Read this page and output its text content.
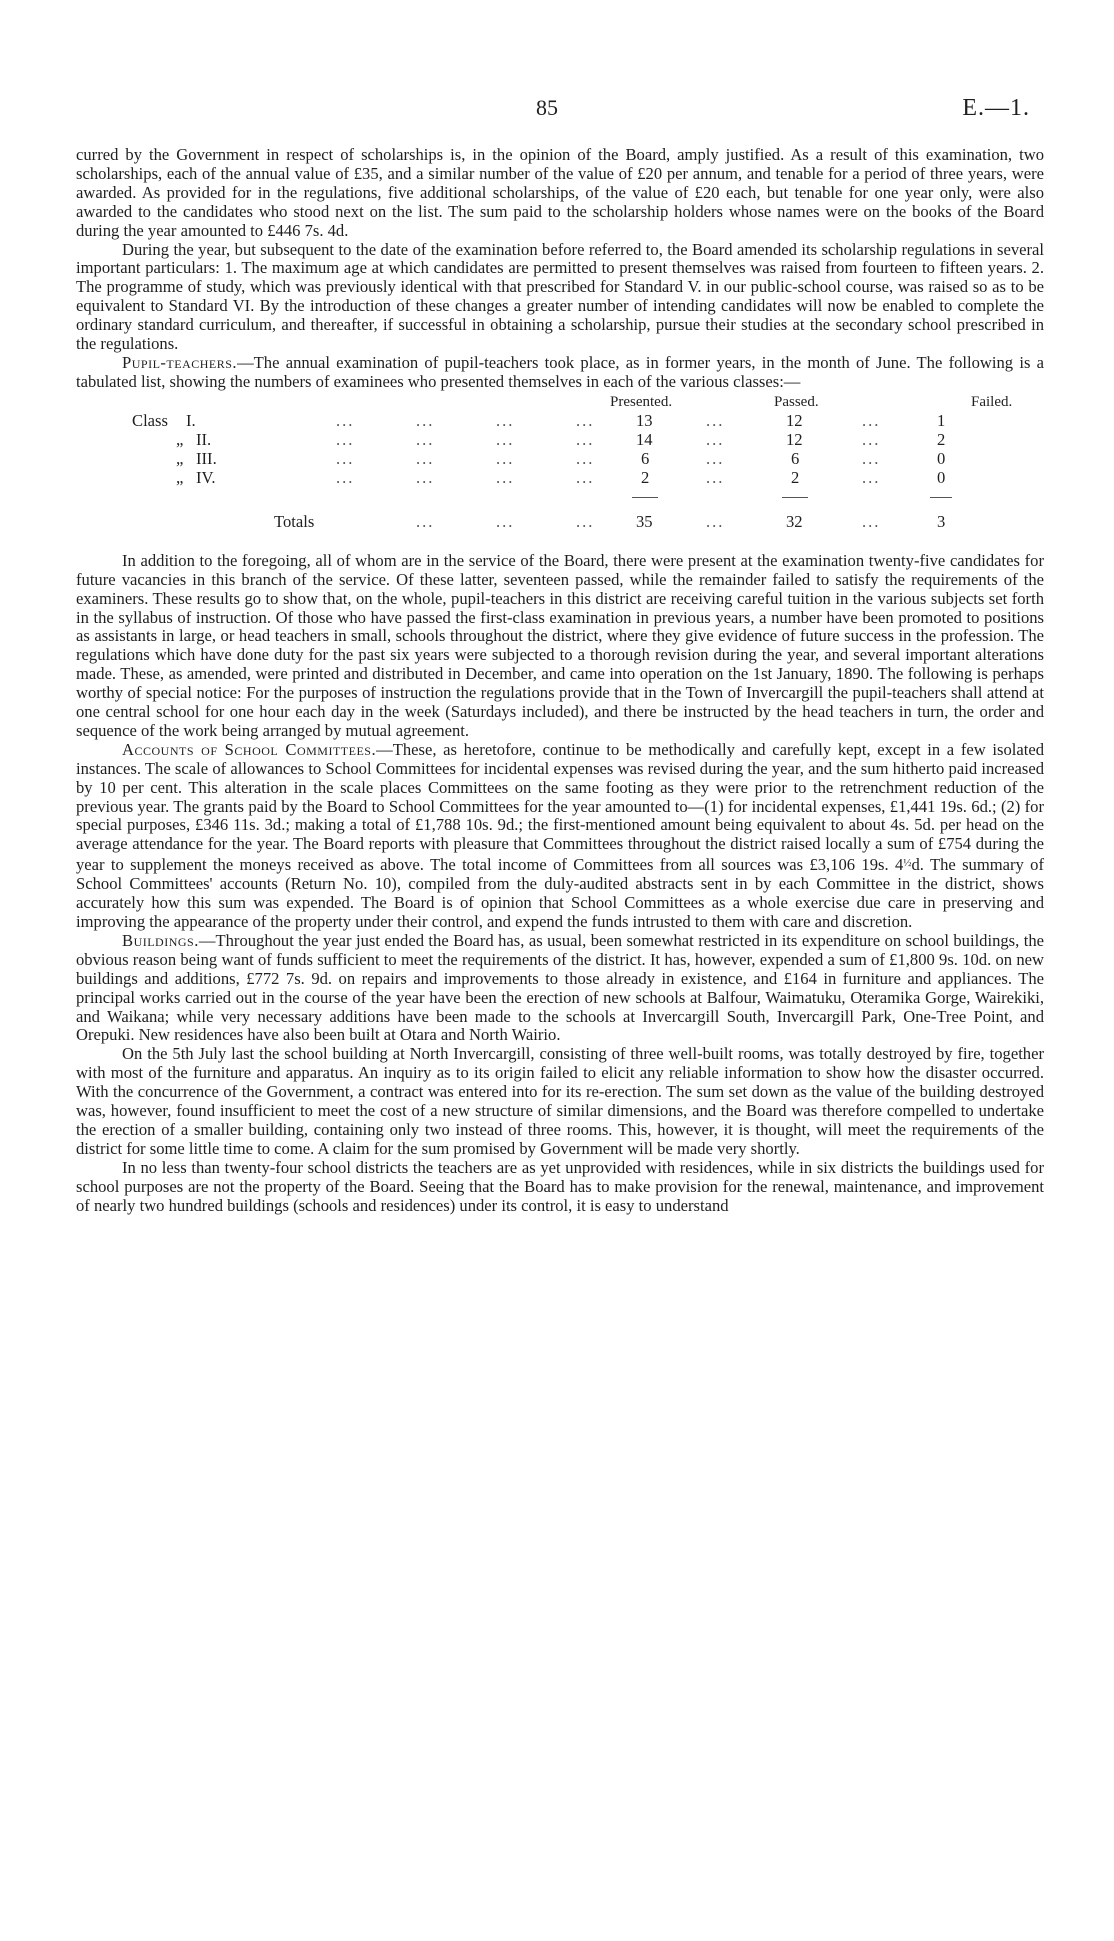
85	E.—1.

curred by the Government in respect of scholarships is, in the opinion of the Board, amply justified. As a result of this examination, two scholarships, each of the annual value of £35, and a similar number of the value of £20 per annum, and tenable for a period of three years, were awarded. As provided for in the regulations, five additional scholarships, of the value of £20 each, but tenable for one year only, were also awarded to the candidates who stood next on the list. The sum paid to the scholarship holders whose names were on the books of the Board during the year amounted to £446 7s. 4d.

During the year, but subsequent to the date of the examination before referred to, the Board amended its scholarship regulations in several important particulars: 1. The maximum age at which candidates are permitted to present themselves was raised from fourteen to fifteen years. 2. The programme of study, which was previously identical with that prescribed for Standard V. in our public-school course, was raised so as to be equivalent to Standard VI. By the introduction of these changes a greater number of intending candidates will now be enabled to complete the ordinary standard curriculum, and thereafter, if successful in obtaining a scholarship, pursue their studies at the secondary school prescribed in the regulations.

Pupil-teachers.—The annual examination of pupil-teachers took place, as in former years, in the month of June. The following is a tabulated list, showing the numbers of examinees who presented themselves in each of the various classes:—

Presented.	Passed.	Failed.
Class I.	...	...	...	...	13	...	12	...	1
„ II.	...	...	...	...	14	...	12	...	2
„ III.	...	...	...	...	6	...	6	...	0
„ IV.	...	...	...	...	2	...	2	...	0
Totals	...	...	...	35	...	32	...	3

In addition to the foregoing, all of whom are in the service of the Board, there were present at the examination twenty-five candidates for future vacancies in this branch of the service. Of these latter, seventeen passed, while the remainder failed to satisfy the requirements of the examiners. These results go to show that, on the whole, pupil-teachers in this district are receiving careful tuition in the various subjects set forth in the syllabus of instruction. Of those who have passed the first-class examination in previous years, a number have been promoted to positions as assistants in large, or head teachers in small, schools throughout the district, where they give evidence of future success in the profession. The regulations which have done duty for the past six years were subjected to a thorough revision during the year, and several important alterations made. These, as amended, were printed and distributed in December, and came into operation on the 1st January, 1890. The following is perhaps worthy of special notice: For the purposes of instruction the regulations provide that in the Town of Invercargill the pupil-teachers shall attend at one central school for one hour each day in the week (Saturdays included), and there be instructed by the head teachers in turn, the order and sequence of the work being arranged by mutual agreement.

Accounts of School Committees.—These, as heretofore, continue to be methodically and carefully kept, except in a few isolated instances. The scale of allowances to School Committees for incidental expenses was revised during the year, and the sum hitherto paid increased by 10 per cent. This alteration in the scale places Committees on the same footing as they were prior to the retrenchment reduction of the previous year. The grants paid by the Board to School Committees for the year amounted to—(1) for incidental expenses, £1,441 19s. 6d.; (2) for special purposes, £346 11s. 3d.; making a total of £1,788 10s. 9d.; the first-mentioned amount being equivalent to about 4s. 5d. per head on the average attendance for the year. The Board reports with pleasure that Committees throughout the district raised locally a sum of £754 during the year to supplement the moneys received as above. The total income of Committees from all sources was £3,106 19s. $4^{\frac{1}{2}}d$. The summary of School Committees' accounts (Return No. 10), compiled from the duly-audited abstracts sent in by each Committee in the district, shows accurately how this sum was expended. The Board is of opinion that School Committees as a whole exercise due care in preserving and improving the appearance of the property under their control, and expend the funds intrusted to them with care and discretion.

Buildings.—Throughout the year just ended the Board has, as usual, been somewhat restricted in its expenditure on school buildings, the obvious reason being want of funds sufficient to meet the requirements of the district. It has, however, expended a sum of £1,800 9s. 10d. on new buildings and additions, £772 7s. 9d. on repairs and improvements to those already in existence, and £164 in furniture and appliances. The principal works carried out in the course of the year have been the erection of new schools at Balfour, Waimatuku, Oteramika Gorge, Wairekiki, and Waikana; while very necessary additions have been made to the schools at Invercargill South, Invercargill Park, One-Tree Point, and Orepuki. New residences have also been built at Otara and North Wairio.

On the 5th July last the school building at North Invercargill, consisting of three well-built rooms, was totally destroyed by fire, together with most of the furniture and apparatus. An inquiry as to its origin failed to elicit any reliable information to show how the disaster occurred. With the concurrence of the Government, a contract was entered into for its re-erection. The sum set down as the value of the building destroyed was, however, found insufficient to meet the cost of a new structure of similar dimensions, and the Board was therefore compelled to undertake the erection of a smaller building, containing only two instead of three rooms. This, however, it is thought, will meet the requirements of the district for some little time to come. A claim for the sum promised by Government will be made very shortly.

In no less than twenty-four school districts the teachers are as yet unprovided with residences, while in six districts the buildings used for school purposes are not the property of the Board. Seeing that the Board has to make provision for the renewal, maintenance, and improvement of nearly two hundred buildings (schools and residences) under its control, it is easy to understand
